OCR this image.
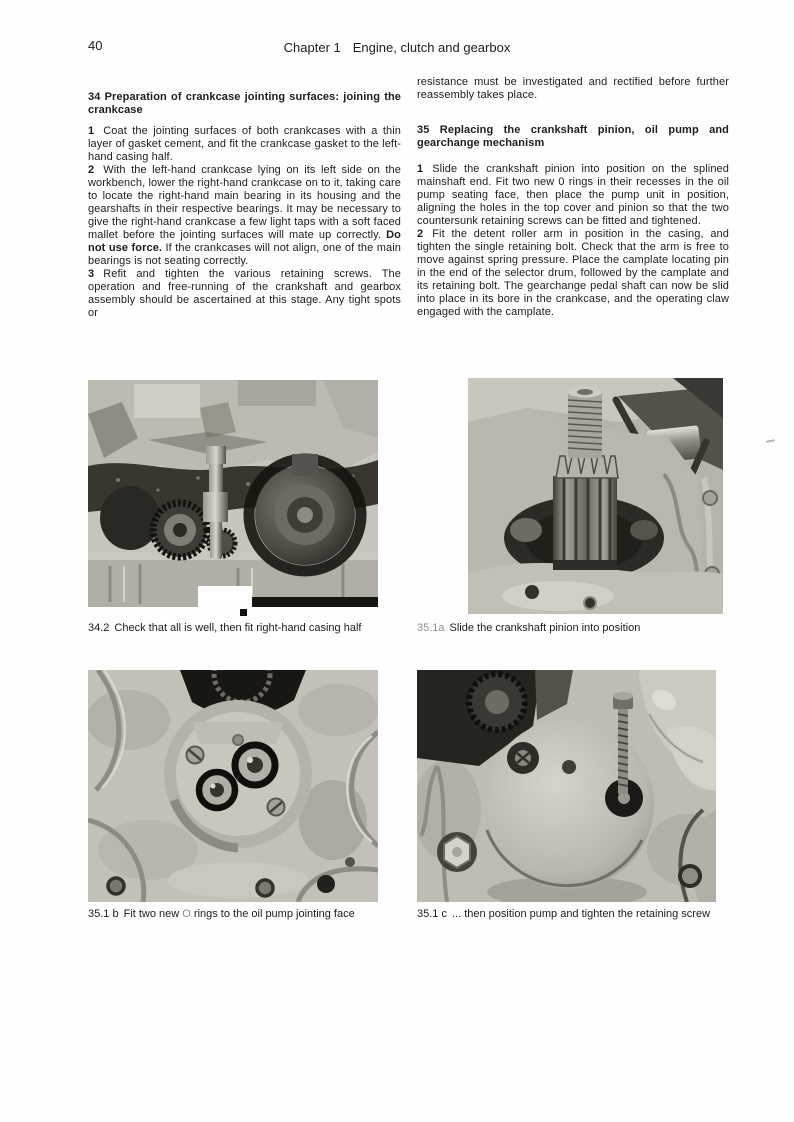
40	Chapter 1 Engine, clutch and gearbox

34 Preparation of crankcase jointing surfaces: joining the crankcase

1 Coat the jointing surfaces of both crankcases with a thin layer of gasket cement, and fit the crankcase gasket to the left-hand casing half.

2 With the left-hand crankcase lying on its left side on the workbench, lower the right-hand crankcase on to it, taking care to locate the right-hand main bearing in its housing and the gearshafts in their respective bearings. It may be necessary to give the right-hand crankcase a few light taps with a soft faced mallet before the jointing surfaces will mate up correctly. Do not use force. If the crankcases will not align, one of the main bearings is not seating correctly.

3 Refit and tighten the various retaining screws. The operation and free-running of the crankshaft and gearbox assembly should be ascertained at this stage. Any tight spots or

resistance must be investigated and rectified before further reassembly takes place.

35 Replacing the crankshaft pinion, oil pump and gearchange mechanism

1 Slide the crankshaft pinion into position on the splined mainshaft end. Fit two new 0 rings in their recesses in the oil pump seating face, then place the pump unit in position, aligning the holes in the top cover and pinion so that the two countersunk retaining screws can be fitted and tightened.

2 Fit the detent roller arm in position in the casing, and tighten the single retaining bolt. Check that the arm is free to move against spring pressure. Place the camplate locating pin in the end of the selector drum, followed by the camplate and its retaining bolt. The gearchange pedal shaft can now be slid into place in its bore in the crankcase, and the operating claw engaged with the camplate.

34.2 Check that all is well, then fit right-hand casing half	35.1a Slide the crankshaft pinion into position
35.1 b Fit two new O rings to the oil pump jointing face	35.1 c ... then position pump and tighten the retaining screw
